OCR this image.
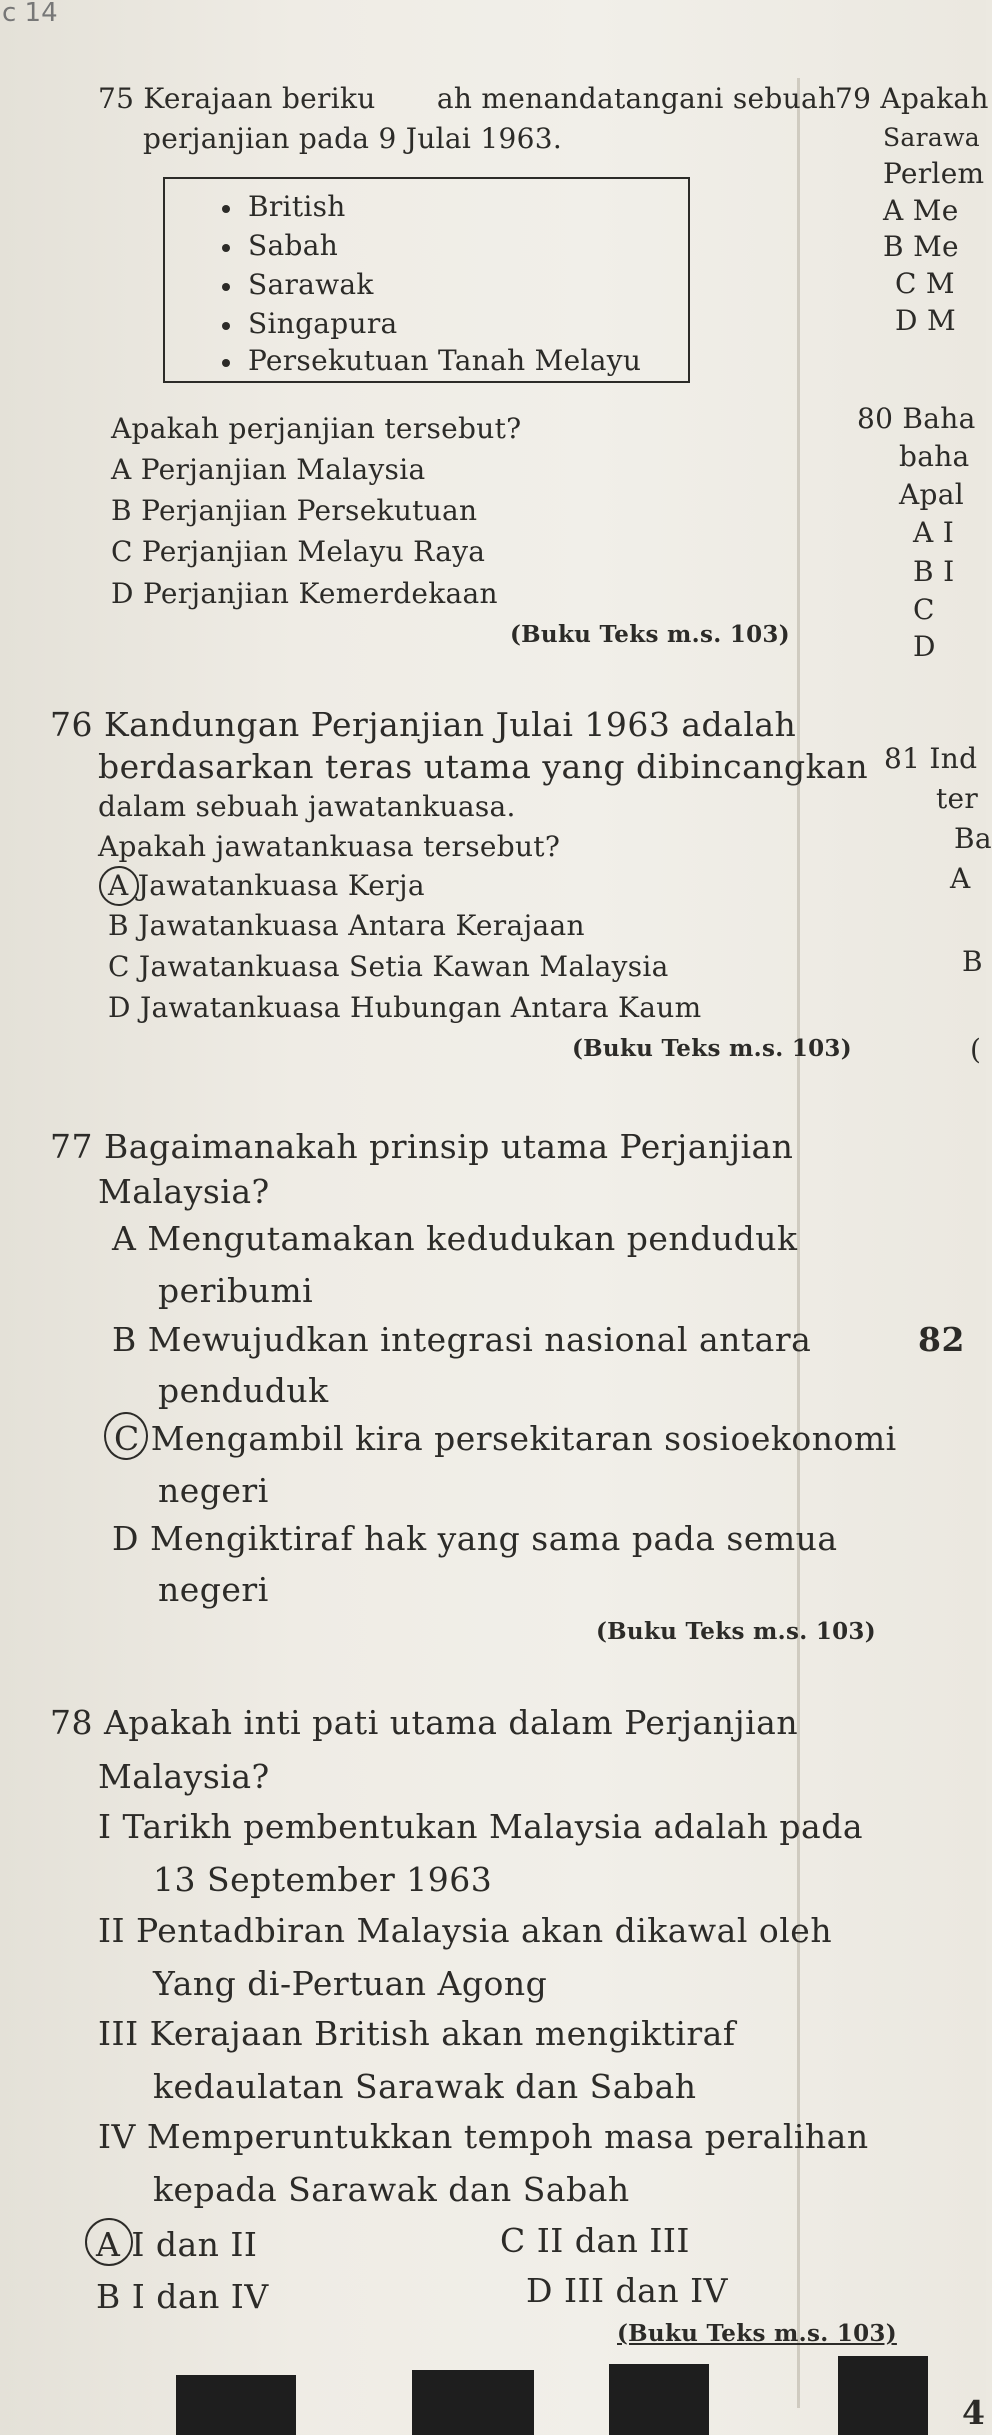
c 14
75 Kerajaan beriku     ah menandatangani sebuah
perjanjian pada 9 Julai 1963.
British
Sabah
Sarawak
Singapura
Persekutuan Tanah Melayu
Apakah perjanjian tersebut?
A Perjanjian Malaysia
B Perjanjian Persekutuan
C Perjanjian Melayu Raya
D Perjanjian Kemerdekaan
(Buku Teks m.s. 103)
76 Kandungan Perjanjian Julai 1963 adalah
berdasarkan teras utama yang dibincangkan
dalam sebuah jawatankuasa.
Apakah jawatankuasa tersebut?
A Jawatankuasa Kerja
B Jawatankuasa Antara Kerajaan
C Jawatankuasa Setia Kawan Malaysia
D Jawatankuasa Hubungan Antara Kaum
(Buku Teks m.s. 103)
77 Bagaimanakah prinsip utama Perjanjian
Malaysia?
A Mengutamakan kedudukan penduduk
peribumi
B Mewujudkan integrasi nasional antara
penduduk
C Mengambil kira persekitaran sosioekonomi
negeri
D Mengiktiraf hak yang sama pada semua
negeri
(Buku Teks m.s. 103)
78 Apakah inti pati utama dalam Perjanjian
Malaysia?
I Tarikh pembentukan Malaysia adalah pada
13 September 1963
II Pentadbiran Malaysia akan dikawal oleh
Yang di-Pertuan Agong
III Kerajaan British akan mengiktiraf
kedaulatan Sarawak dan Sabah
IV Memperuntukkan tempoh masa peralihan
kepada Sarawak dan Sabah
A I dan II
B I dan IV
C II dan III
D III dan IV
(Buku Teks m.s. 103)
79 Apakah
Sarawa
Perlem
A Me
B Me
C M
D M
80 Baha
baha
Apal
A I
B I
C
D
81 Ind
ter
Ba
A
B
(
82
4
